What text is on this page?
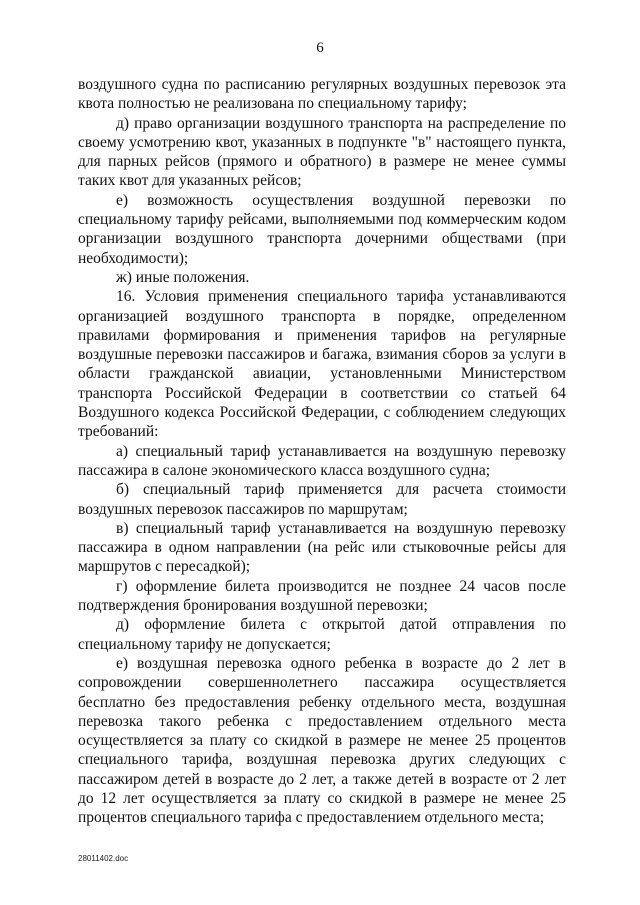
6

воздушного судна по расписанию регулярных воздушных перевозок эта квота полностью не реализована по специальному тарифу;

д) право организации воздушного транспорта на распределение по своему усмотрению квот, указанных в подпункте "в" настоящего пункта, для парных рейсов (прямого и обратного) в размере не менее суммы таких квот для указанных рейсов;

е) возможность осуществления воздушной перевозки по специальному тарифу рейсами, выполняемыми под коммерческим кодом организации воздушного транспорта дочерними обществами (при необходимости);

ж) иные положения.

16. Условия применения специального тарифа устанавливаются организацией воздушного транспорта в порядке, определенном правилами формирования и применения тарифов на регулярные воздушные перевозки пассажиров и багажа, взимания сборов за услуги в области гражданской авиации, установленными Министерством транспорта Российской Федерации в соответствии со статьей 64 Воздушного кодекса Российской Федерации, с соблюдением следующих требований:

а) специальный тариф устанавливается на воздушную перевозку пассажира в салоне экономического класса воздушного судна;

б) специальный тариф применяется для расчета стоимости воздушных перевозок пассажиров по маршрутам;

в) специальный тариф устанавливается на воздушную перевозку пассажира в одном направлении (на рейс или стыковочные рейсы для маршрутов с пересадкой);

г) оформление билета производится не позднее 24 часов после подтверждения бронирования воздушной перевозки;

д) оформление билета с открытой датой отправления по специальному тарифу не допускается;

е) воздушная перевозка одного ребенка в возрасте до 2 лет в сопровождении совершеннолетнего пассажира осуществляется бесплатно без предоставления ребенку отдельного места, воздушная перевозка такого ребенка с предоставлением отдельного места осуществляется за плату со скидкой в размере не менее 25 процентов специального тарифа, воздушная перевозка других следующих с пассажиром детей в возрасте до 2 лет, а также детей в возрасте от 2 лет до 12 лет осуществляется за плату со скидкой в размере не менее 25 процентов специального тарифа с предоставлением отдельного места;

28011402.doc
